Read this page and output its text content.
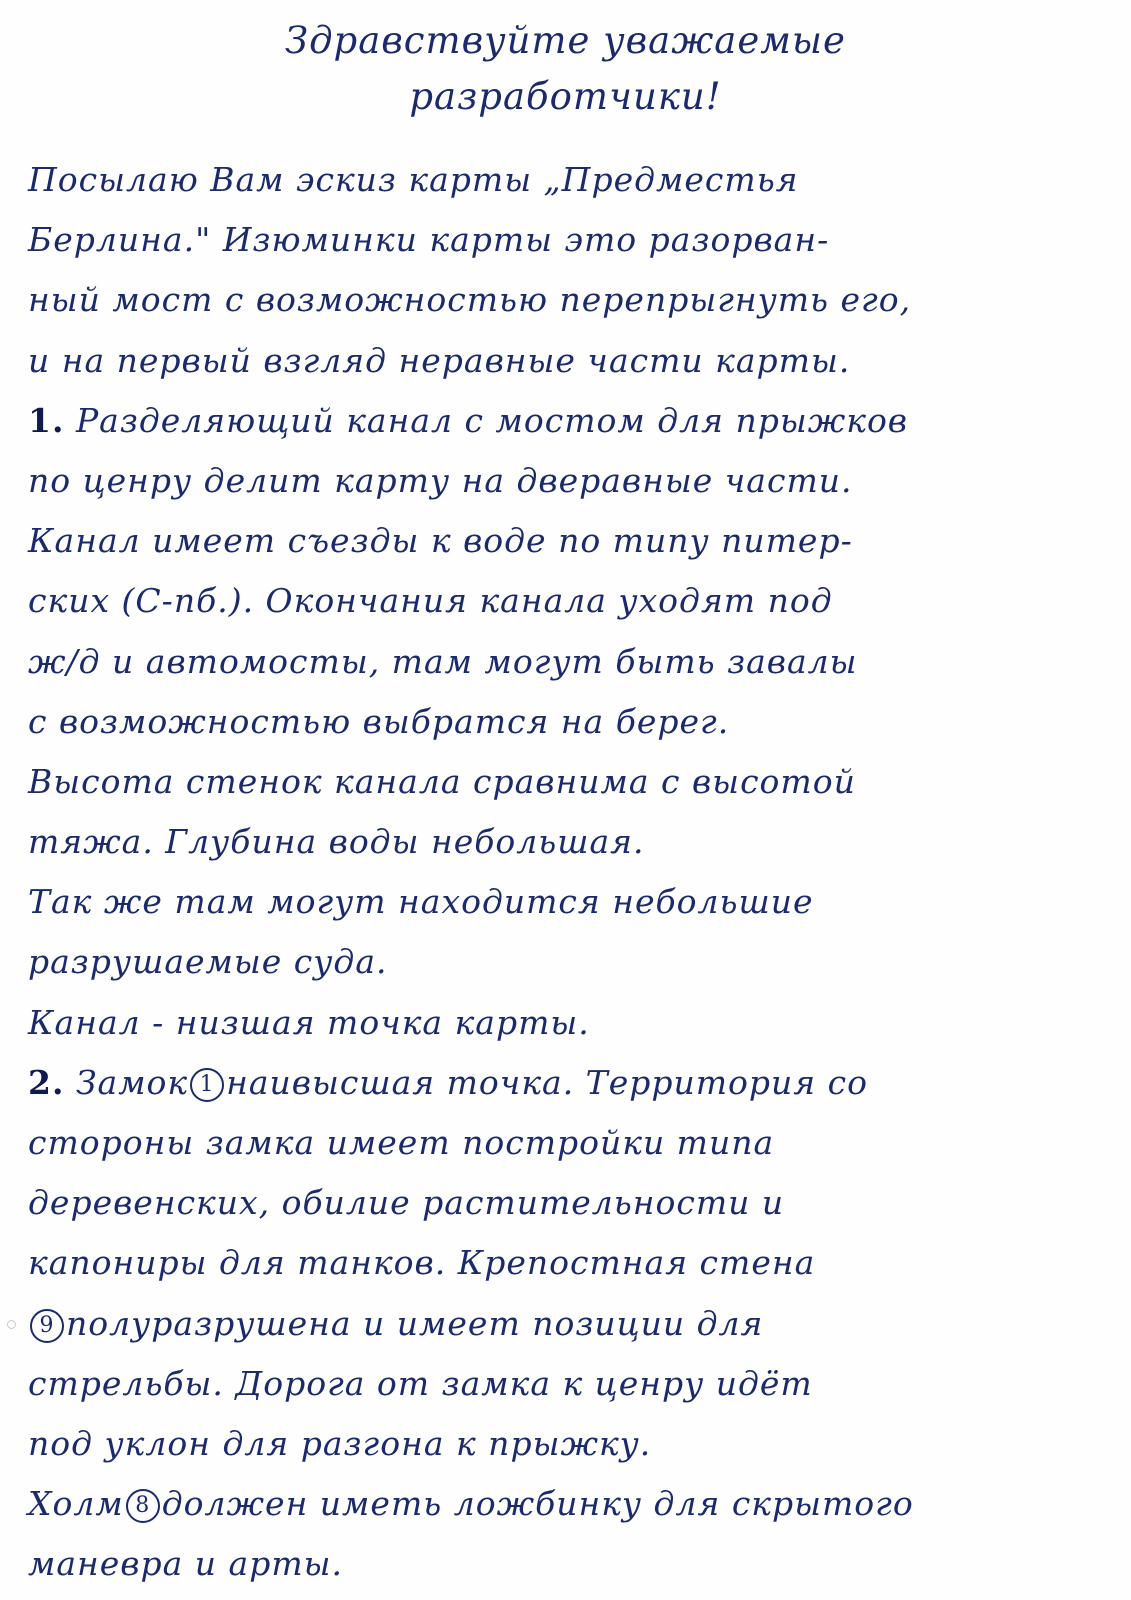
Здравствуйте уважаемые
разработчики!
Посылаю Вам эскиз карты „Предместья
Берлина." Изюминки карты это разорван-
ный мост с возможностью перепрыгнуть его,
и на первый взгляд неравные части карты.
1. Разделяющий канал с мостом для прыжков
по ценру делит карту на дверавные части.
Канал имеет съезды к воде по типу питер-
ских (С-пб.). Окончания канала уходят под
ж/д и автомосты, там могут быть завалы
с возможностью выбратся на берег.
Высота стенок канала сравнима с высотой
тяжа. Глубина воды небольшая.
Так же там могут находится небольшие
разрушаемые суда.
Канал - низшая точка карты.
2. Замок 1 наивысшая точка. Территория со
стороны замка имеет постройки типа
деревенских, обилие растительности и
капониры для танков. Крепостная стена
9 полуразрушена и имеет позиции для
стрельбы. Дорога от замка к ценру идёт
под уклон для разгона к прыжку.
Холм 8 должен иметь ложбинку для скрытого
маневра и арты.
